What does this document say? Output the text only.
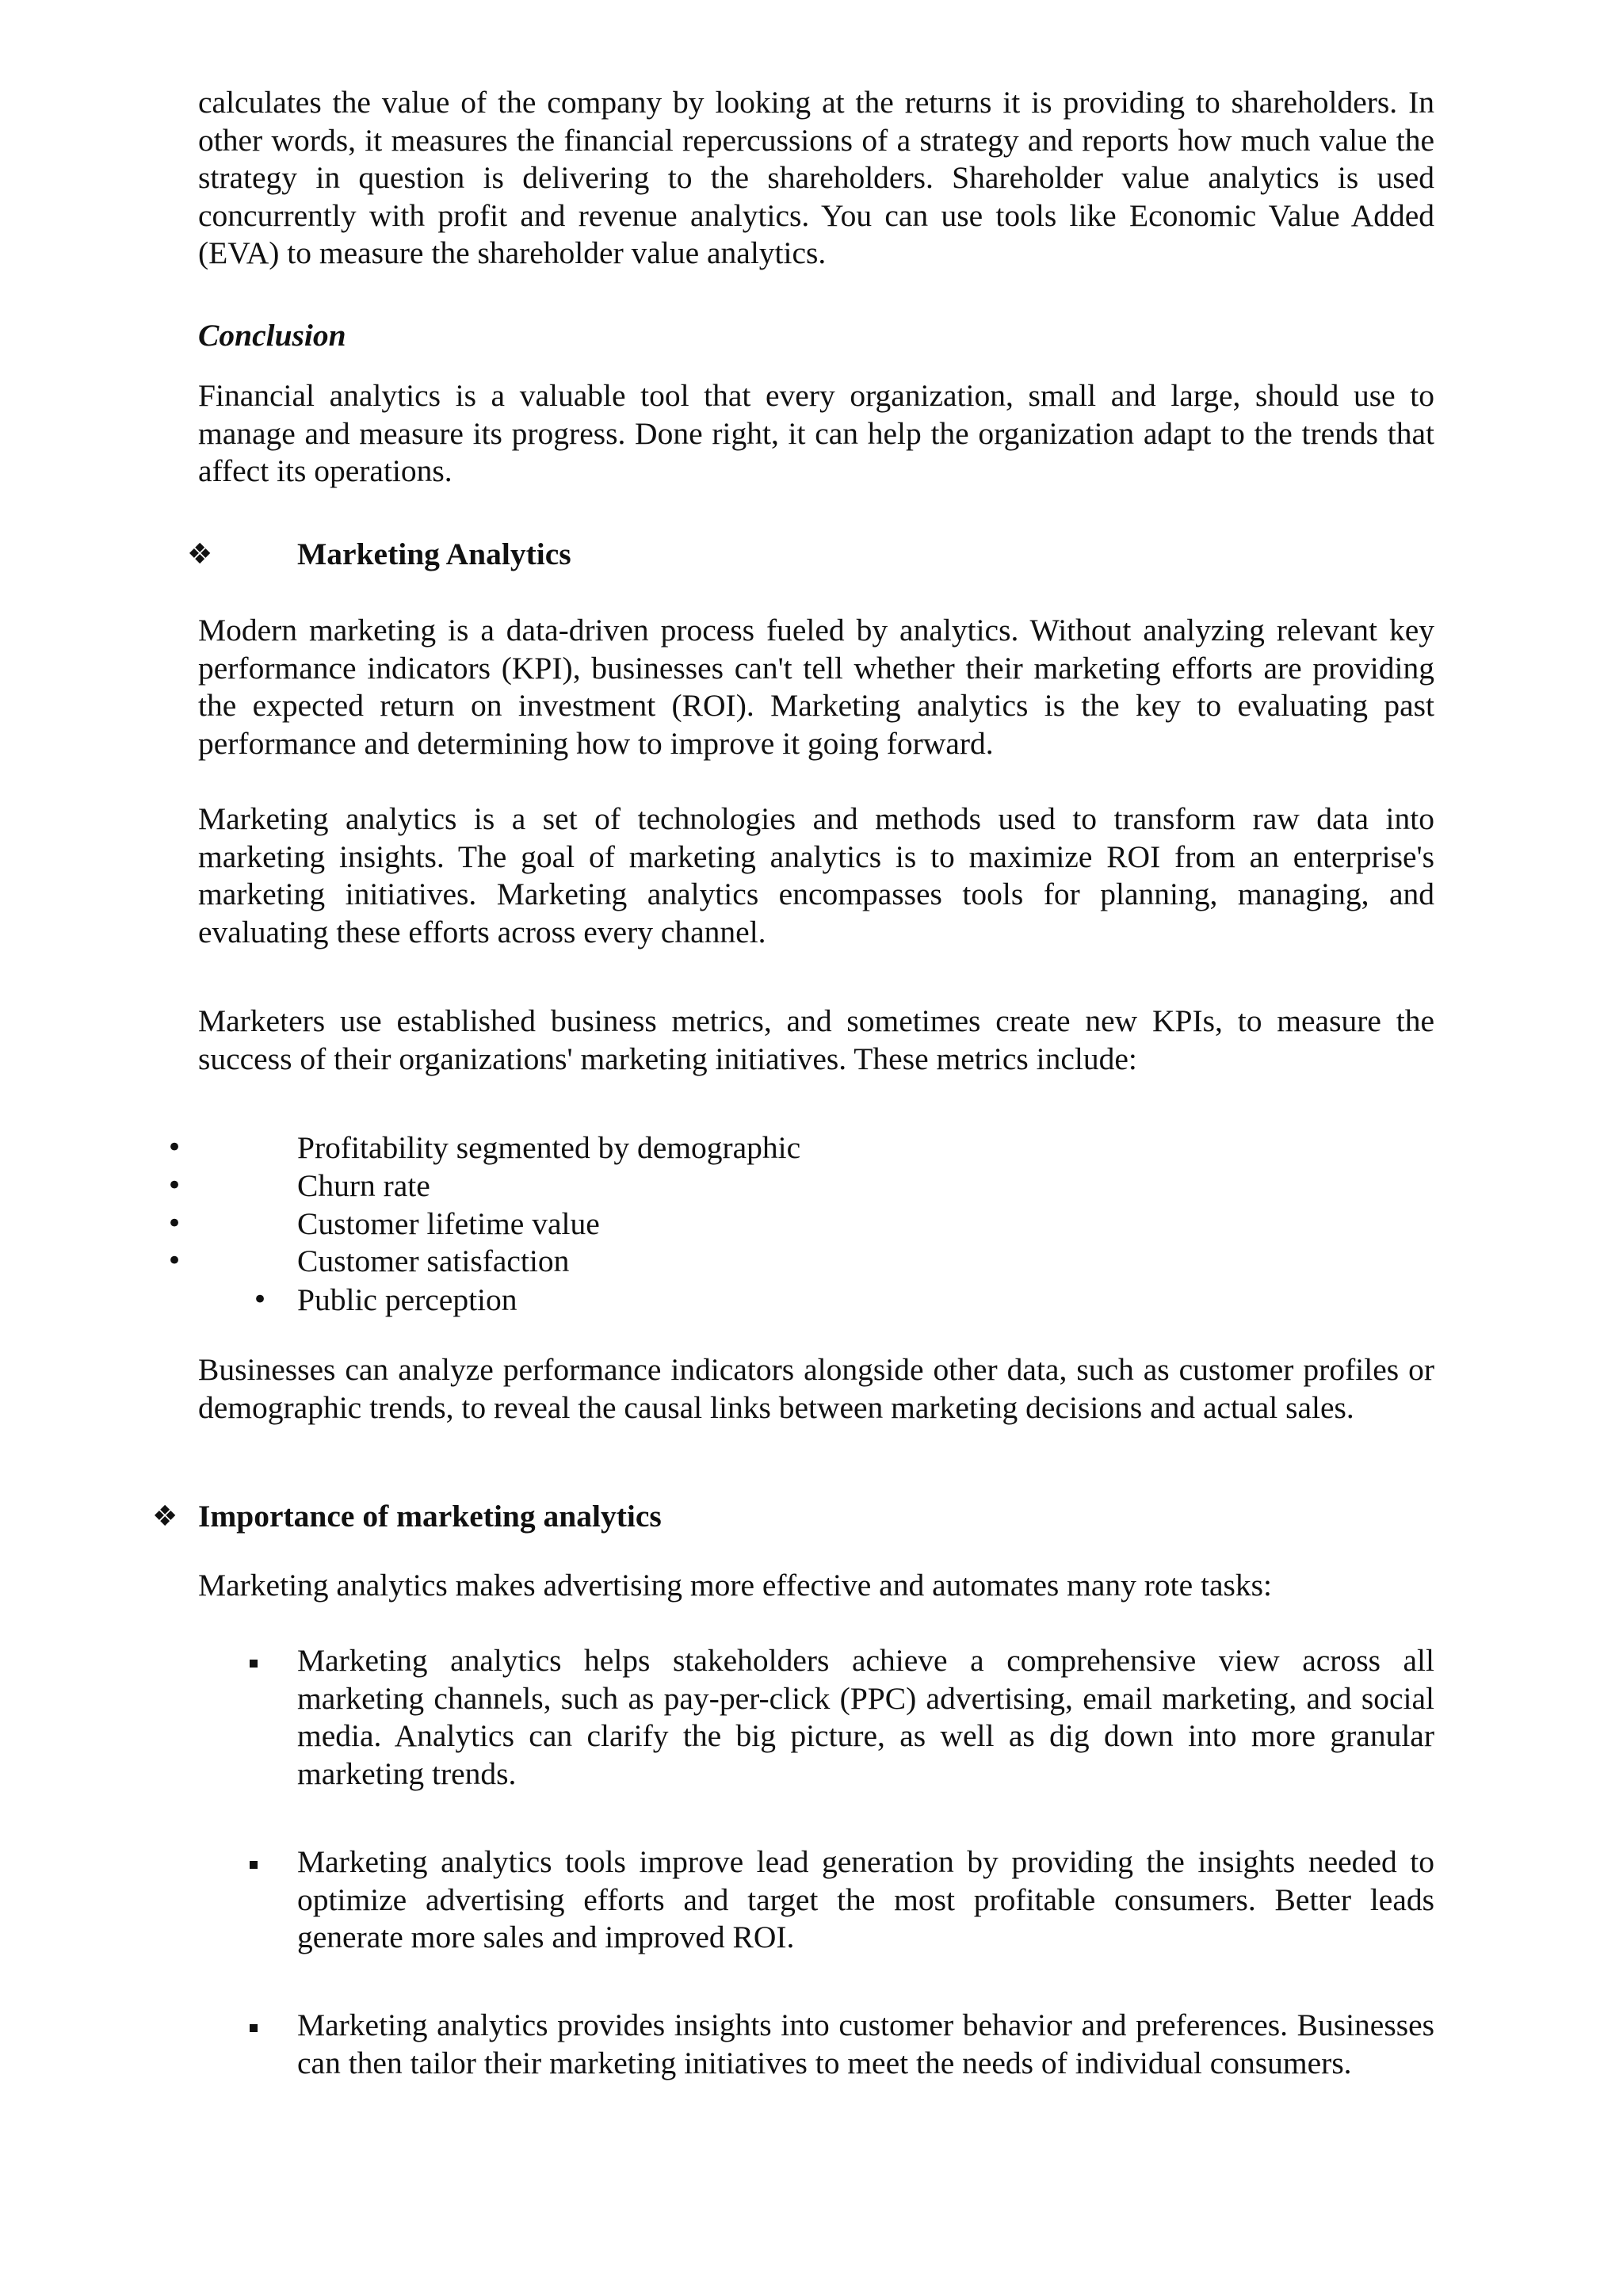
calculates the value of the company by looking at the returns it is providing to shareholders. In other words, it measures the financial repercussions of a strategy and reports how much value the strategy in question is delivering to the shareholders. Shareholder value analytics is used concurrently with profit and revenue analytics. You can use tools like Economic Value Added (EVA) to measure the shareholder value analytics.

Conclusion

Financial analytics is a valuable tool that every organization, small and large, should use to manage and measure its progress. Done right, it can help the organization adapt to the trends that affect its operations.

❖	Marketing Analytics

Modern marketing is a data-driven process fueled by analytics. Without analyzing relevant key performance indicators (KPI), businesses can't tell whether their marketing efforts are providing the expected return on investment (ROI). Marketing analytics is the key to evaluating past performance and determining how to improve it going forward.

Marketing analytics is a set of technologies and methods used to transform raw data into marketing insights. The goal of marketing analytics is to maximize ROI from an enterprise's marketing initiatives. Marketing analytics encompasses tools for planning, managing, and evaluating these efforts across every channel.

Marketers use established business metrics, and sometimes create new KPIs, to measure the success of their organizations' marketing initiatives. These metrics include:

•	Profitability segmented by demographic
•	Churn rate
•	Customer lifetime value
•	Customer satisfaction
• Public perception

Businesses can analyze performance indicators alongside other data, such as customer profiles or demographic trends, to reveal the causal links between marketing decisions and actual sales.

❖ Importance of marketing analytics

Marketing analytics makes advertising more effective and automates many rote tasks:

Marketing analytics helps stakeholders achieve a comprehensive view across all marketing channels, such as pay-per-click (PPC) advertising, email marketing, and social media. Analytics can clarify the big picture, as well as dig down into more granular marketing trends.

Marketing analytics tools improve lead generation by providing the insights needed to optimize advertising efforts and target the most profitable consumers. Better leads generate more sales and improved ROI.

Marketing analytics provides insights into customer behavior and preferences. Businesses can then tailor their marketing initiatives to meet the needs of individual consumers.
